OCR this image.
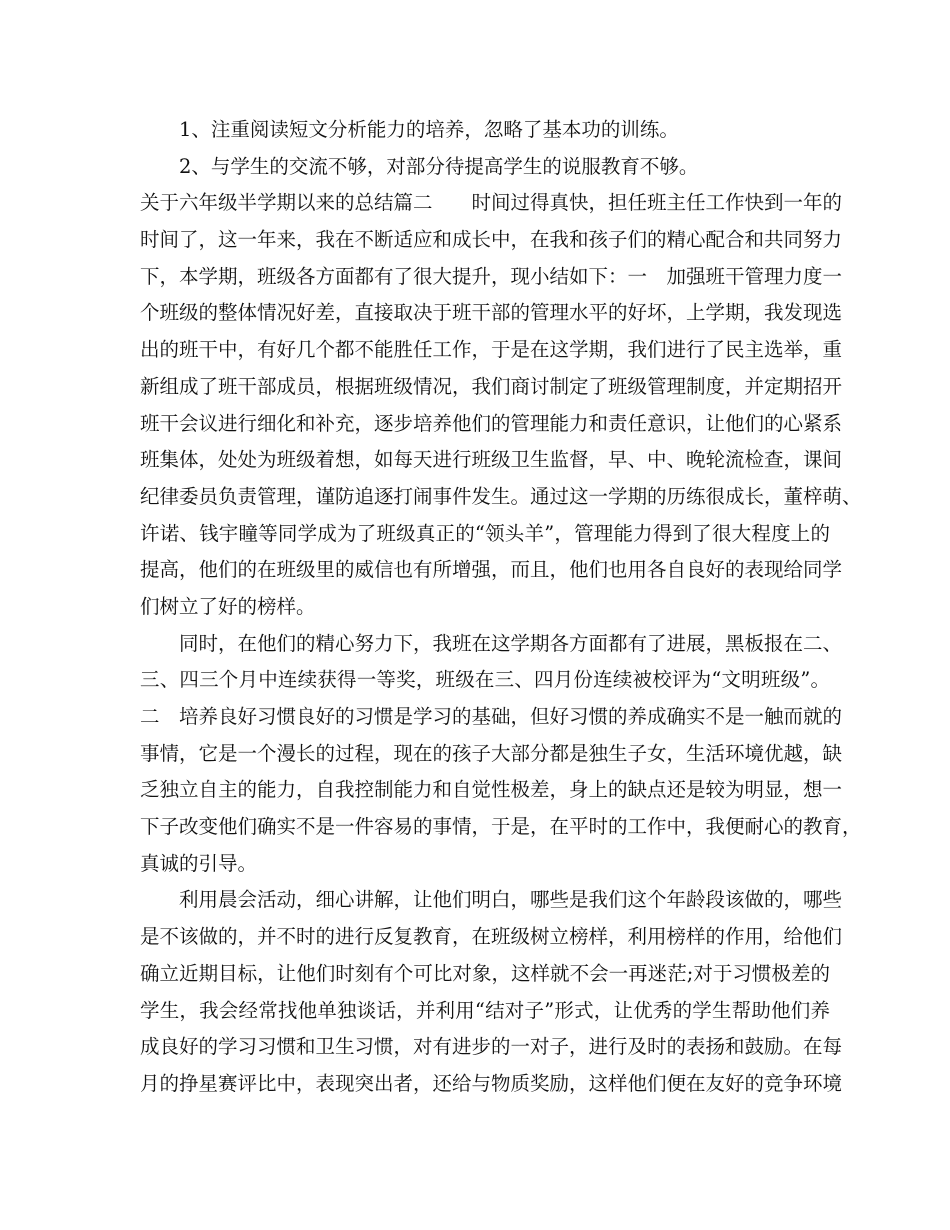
1、注重阅读短文分析能力的培养，忽略了基本功的训练。
2、与学生的交流不够，对部分待提高学生的说服教育不够。
关于六年级半学期以来的总结篇二　　时间过得真快，担任班主任工作快到一年的
时间了，这一年来，我在不断适应和成长中，在我和孩子们的精心配合和共同努力
下，本学期，班级各方面都有了很大提升，现小结如下：一　加强班干管理力度一
个班级的整体情况好差，直接取决于班干部的管理水平的好坏，上学期，我发现选
出的班干中，有好几个都不能胜任工作，于是在这学期，我们进行了民主选举，重
新组成了班干部成员，根据班级情况，我们商讨制定了班级管理制度，并定期招开
班干会议进行细化和补充，逐步培养他们的管理能力和责任意识，让他们的心紧系
班集体，处处为班级着想，如每天进行班级卫生监督，早、中、晚轮流检查，课间
纪律委员负责管理，谨防追逐打闹事件发生。通过这一学期的历练很成长，董梓萌、
许诺、钱宇瞳等同学成为了班级真正的“领头羊”，管理能力得到了很大程度上的
提高，他们的在班级里的威信也有所增强，而且，他们也用各自良好的表现给同学
们树立了好的榜样。
同时，在他们的精心努力下，我班在这学期各方面都有了进展，黑板报在二、
三、四三个月中连续获得一等奖，班级在三、四月份连续被校评为“文明班级”。
二　培养良好习惯良好的习惯是学习的基础，但好习惯的养成确实不是一触而就的
事情，它是一个漫长的过程，现在的孩子大部分都是独生子女，生活环境优越，缺
乏独立自主的能力，自我控制能力和自觉性极差，身上的缺点还是较为明显，想一
下子改变他们确实不是一件容易的事情，于是，在平时的工作中，我便耐心的教育，
真诚的引导。
利用晨会活动，细心讲解，让他们明白，哪些是我们这个年龄段该做的，哪些
是不该做的，并不时的进行反复教育，在班级树立榜样，利用榜样的作用，给他们
确立近期目标，让他们时刻有个可比对象，这样就不会一再迷茫;对于习惯极差的
学生，我会经常找他单独谈话，并利用“结对子”形式，让优秀的学生帮助他们养
成良好的学习习惯和卫生习惯，对有进步的一对子，进行及时的表扬和鼓励。在每
月的挣星赛评比中，表现突出者，还给与物质奖励，这样他们便在友好的竞争环境
